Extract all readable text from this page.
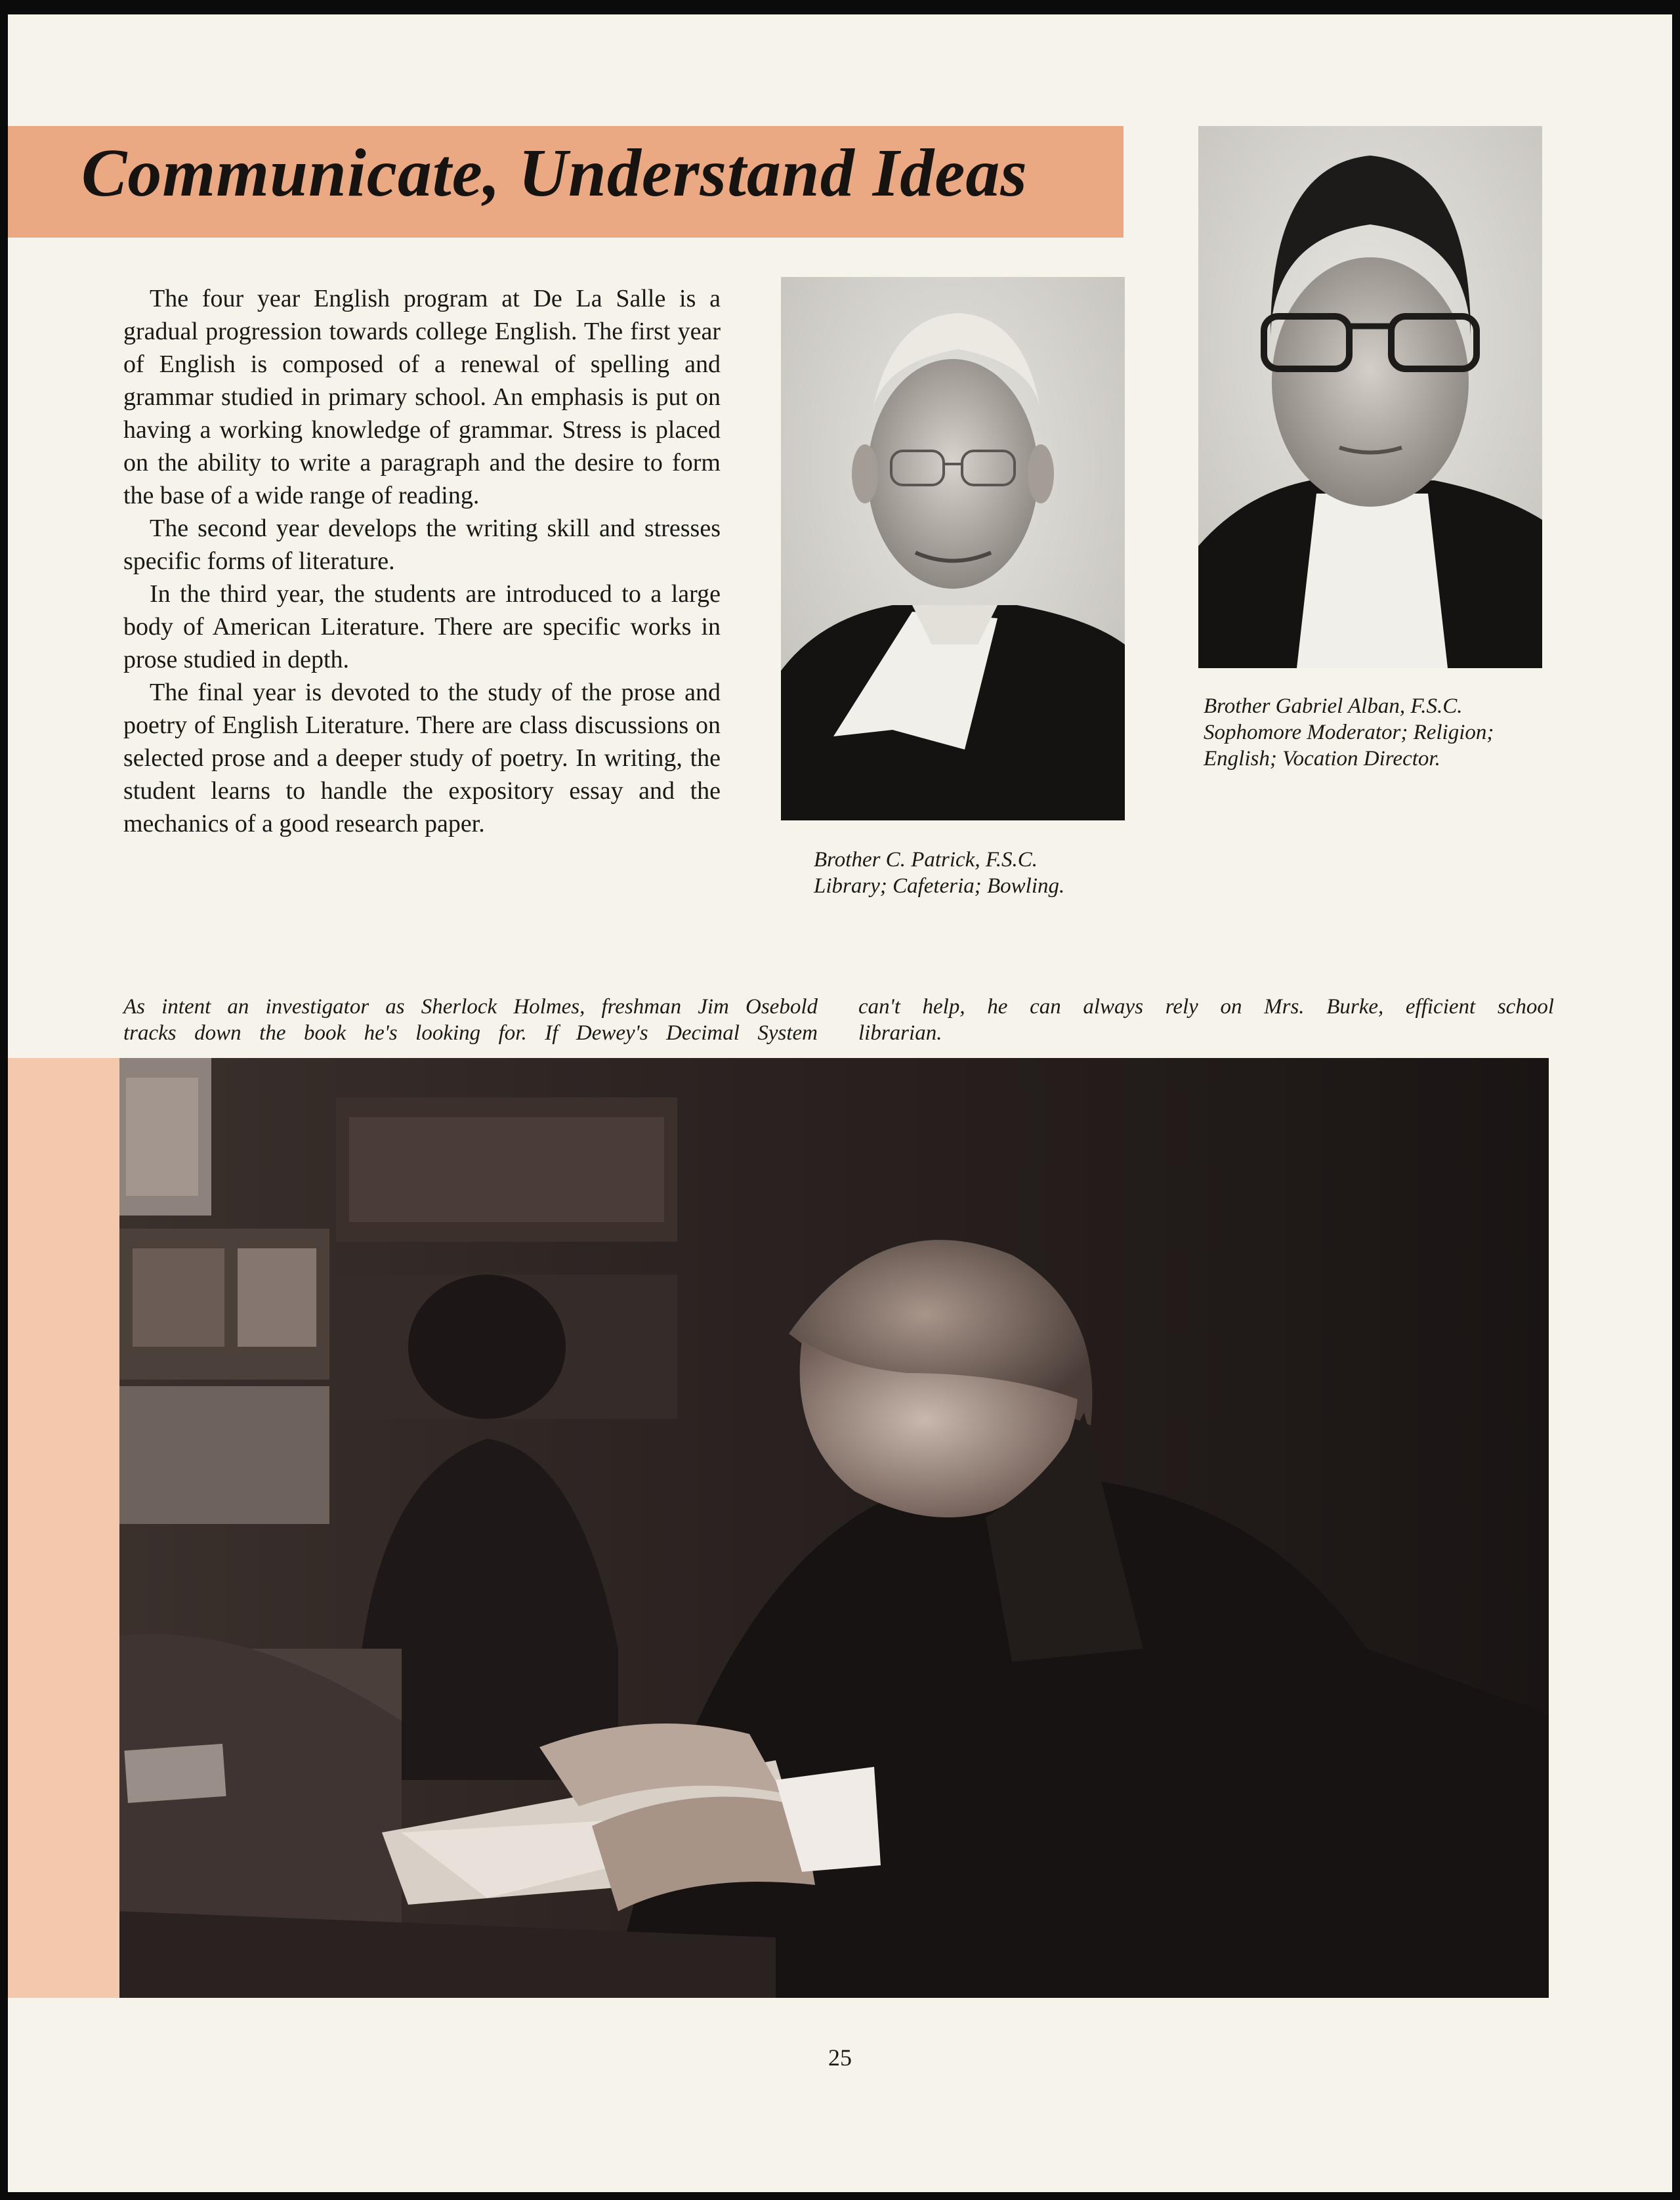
Communicate, Understand Ideas

The four year English program at De La Salle is a gradual progression towards college English. The first year of English is composed of a renewal of spelling and grammar studied in primary school. An emphasis is put on having a working knowledge of grammar. Stress is placed on the ability to write a paragraph and the desire to form the base of a wide range of reading.

The second year develops the writing skill and stresses specific forms of literature.

In the third year, the students are introduced to a large body of American Literature. There are specific works in prose studied in depth.

The final year is devoted to the study of the prose and poetry of English Literature. There are class discussions on selected prose and a deeper study of poetry. In writing, the student learns to handle the expository essay and the mechanics of a good research paper.

Brother C. Patrick, F.S.C.
Library; Cafeteria; Bowling.
Brother Gabriel Alban, F.S.C.
Sophomore Moderator; Religion;
English; Vocation Director.
As intent an investigator as Sherlock Holmes, freshman Jim Osebold
tracks down the book he's looking for. If Dewey's Decimal System
can't help, he can always rely on Mrs. Burke, efficient school
librarian.
25
